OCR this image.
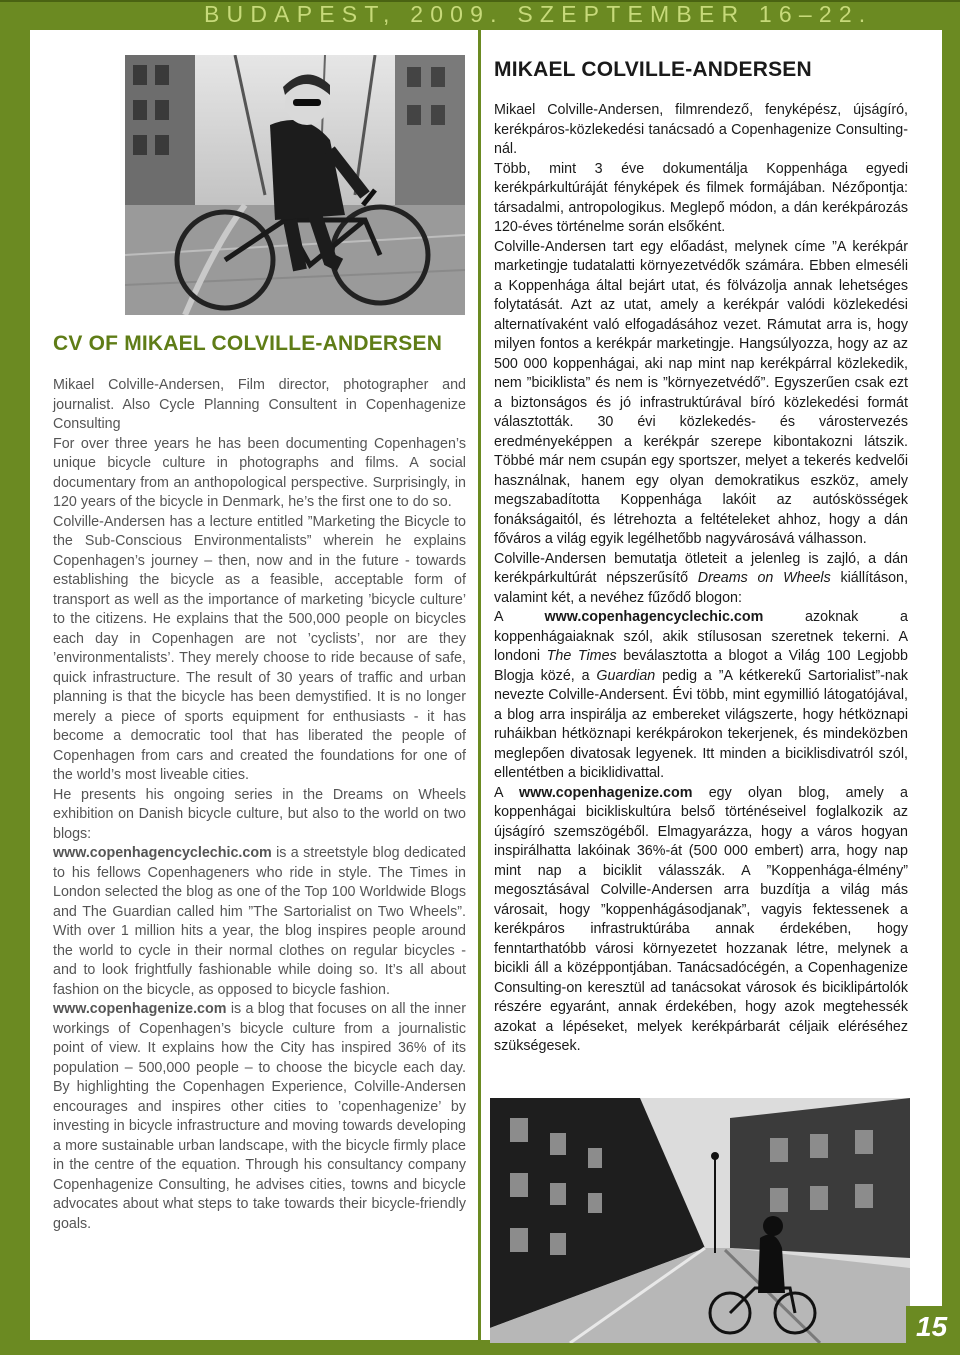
BUDAPEST, 2009. SZEPTEMBER 16–22.
CV OF MIKAEL COLVILLE-ANDERSEN

Mikael Colville-Andersen, Film director, photographer and journalist. Also Cycle Planning Consultent in Copenhagenize Consulting

For over three years he has been documenting Copenhagen’s unique bicycle culture in photographs and films. A social documentary from an anthopological perspective. Surprisingly, in 120 years of the bicycle in Denmark, he’s the first one to do so.

Colville-Andersen has a lecture entitled ”Marketing the Bicycle to the Sub-Conscious Environmentalists” wherein he explains Copenhagen’s journey – then, now and in the future - towards establishing the bicycle as a feasible, acceptable form of transport as well as the importance of marketing ’bicycle culture’ to the citizens. He explains that the 500,000 people on bicycles each day in Copenhagen are not ’cyclists’, nor are they ’environmentalists’. They merely choose to ride because of safe, quick infrastructure. The result of 30 years of traffic and urban planning is that the bicycle has been demystified. It is no longer merely a piece of sports equipment for enthusiasts - it has become a democratic tool that has liberated the people of Copenhagen from cars and created the foundations for one of the world’s most liveable cities.

He presents his ongoing series in the Dreams on Wheels exhibition on Danish bicycle culture, but also to the world on two blogs:

www.copenhagencyclechic.com is a streetstyle blog dedicated to his fellows Copenhageners who ride in style. The Times in London selected the blog as one of the Top 100 Worldwide Blogs and The Guardian called him ”The Sartorialist on Two Wheels”. With over 1 million hits a year, the blog inspires people around the world to cycle in their normal clothes on regular bicycles - and to look frightfully fashionable while doing so. It’s all about fashion on the bicycle, as opposed to bicycle fashion.

www.copenhagenize.com is a blog that focuses on all the inner workings of Copenhagen’s bicycle culture from a journalistic point of view. It explains how the City has inspired 36% of its population – 500,000 people – to choose the bicycle each day. By highlighting the Copenhagen Experience, Colville-Andersen encourages and inspires other cities to ’copenhagenize’ by investing in bicycle infrastructure and moving towards developing a more sustainable urban landscape, with the bicycle firmly place in the centre of the equation. Through his consultancy company Copenhagenize Consulting, he advises cities, towns and bicycle advocates about what steps to take towards their bicycle-friendly goals.

MIKAEL COLVILLE-ANDERSEN

Mikael Colville-Andersen, filmrendező, fenyképész, újságíró, kerékpáros-közlekedési tanácsadó a Copenhagenize Consulting-nál.

Több, mint 3 éve dokumentálja Koppenhága egyedi kerékpárkultúráját fényképek és filmek formájában. Nézőpontja: társadalmi, antropologikus. Meglepő módon, a dán kerékpározás 120-éves történelme során elsőként.

Colville-Andersen tart egy előadást, melynek címe ”A kerékpár marketingje tudatalatti környezetvédők számára. Ebben elmeséli a Koppenhága által bejárt utat, és fölvázolja annak lehetséges folytatását. Azt az utat, amely a kerékpár valódi közlekedési alternatívaként való elfogadásához vezet. Rámutat arra is, hogy milyen fontos a kerékpár marketingje. Hangsúlyozza, hogy az az 500 000 koppenhágai, aki nap mint nap kerékpárral közlekedik, nem ”biciklista” és nem is ”környezetvédő”. Egyszerűen csak ezt a biztonságos és jó infrastruktúrával bíró közlekedési formát választották. 30 évi közlekedés- és várostervezés eredményeképpen a kerékpár szerepe kibontakozni látszik. Többé már nem csupán egy sportszer, melyet a tekerés kedvelői használnak, hanem egy olyan demokratikus eszköz, amely megszabadította Koppenhága lakóit az autóskösségek fonákságaitól, és létrehozta a feltételeket ahhoz, hogy a dán főváros a világ egyik legélhetőbb nagyvárosává válhasson.

Colville-Andersen bemutatja ötleteit a jelenleg is zajló, a dán kerékpárkultúrát népszerűsítő Dreams on Wheels kiállításon, valamint két, a nevéhez fűződő blogon:

A www.copenhagencyclechic.com azoknak a koppenhágaiaknak szól, akik stílusosan szeretnek tekerni. A londoni The Times beválasztotta a blogot a Világ 100 Legjobb Blogja közé, a Guardian pedig a ”A kétkerekű Sartorialist”-nak nevezte Colville-Andersent. Évi több, mint egymillió látogatójával, a blog arra inspirálja az embereket világszerte, hogy hétköznapi ruháikban hétköznapi kerékpárokon tekerjenek, és mindeközben meglepően divatosak legyenek. Itt minden a biciklisdivatról szól, ellentétben a biciklidivattal.

A www.copenhagenize.com egy olyan blog, amely a koppenhágai bicikliskultúra belső történéseivel foglalkozik az újságíró szemszögéből. Elmagyarázza, hogy a város hogyan inspirálhatta lakóinak 36%-át (500 000 embert) arra, hogy nap mint nap a biciklit válasszák. A ”Koppenhága-élmény” megosztásával Colville-Andersen arra buzdítja a világ más városait, hogy ”koppenhágásodjanak”, vagyis fektessenek a kerékpáros infrastruktúrába annak érdekében, hogy fenntarthatóbb városi környezetet hozzanak létre, melynek a bicikli áll a középpontjában. Tanácsadócégén, a Copenhagenize Consulting-on keresztül ad tanácsokat városok és biciklipártolók részére egyaránt, annak érdekében, hogy azok megtehessék azokat a lépéseket, melyek kerékpárbarát céljaik eléréséhez szükségesek.

15
